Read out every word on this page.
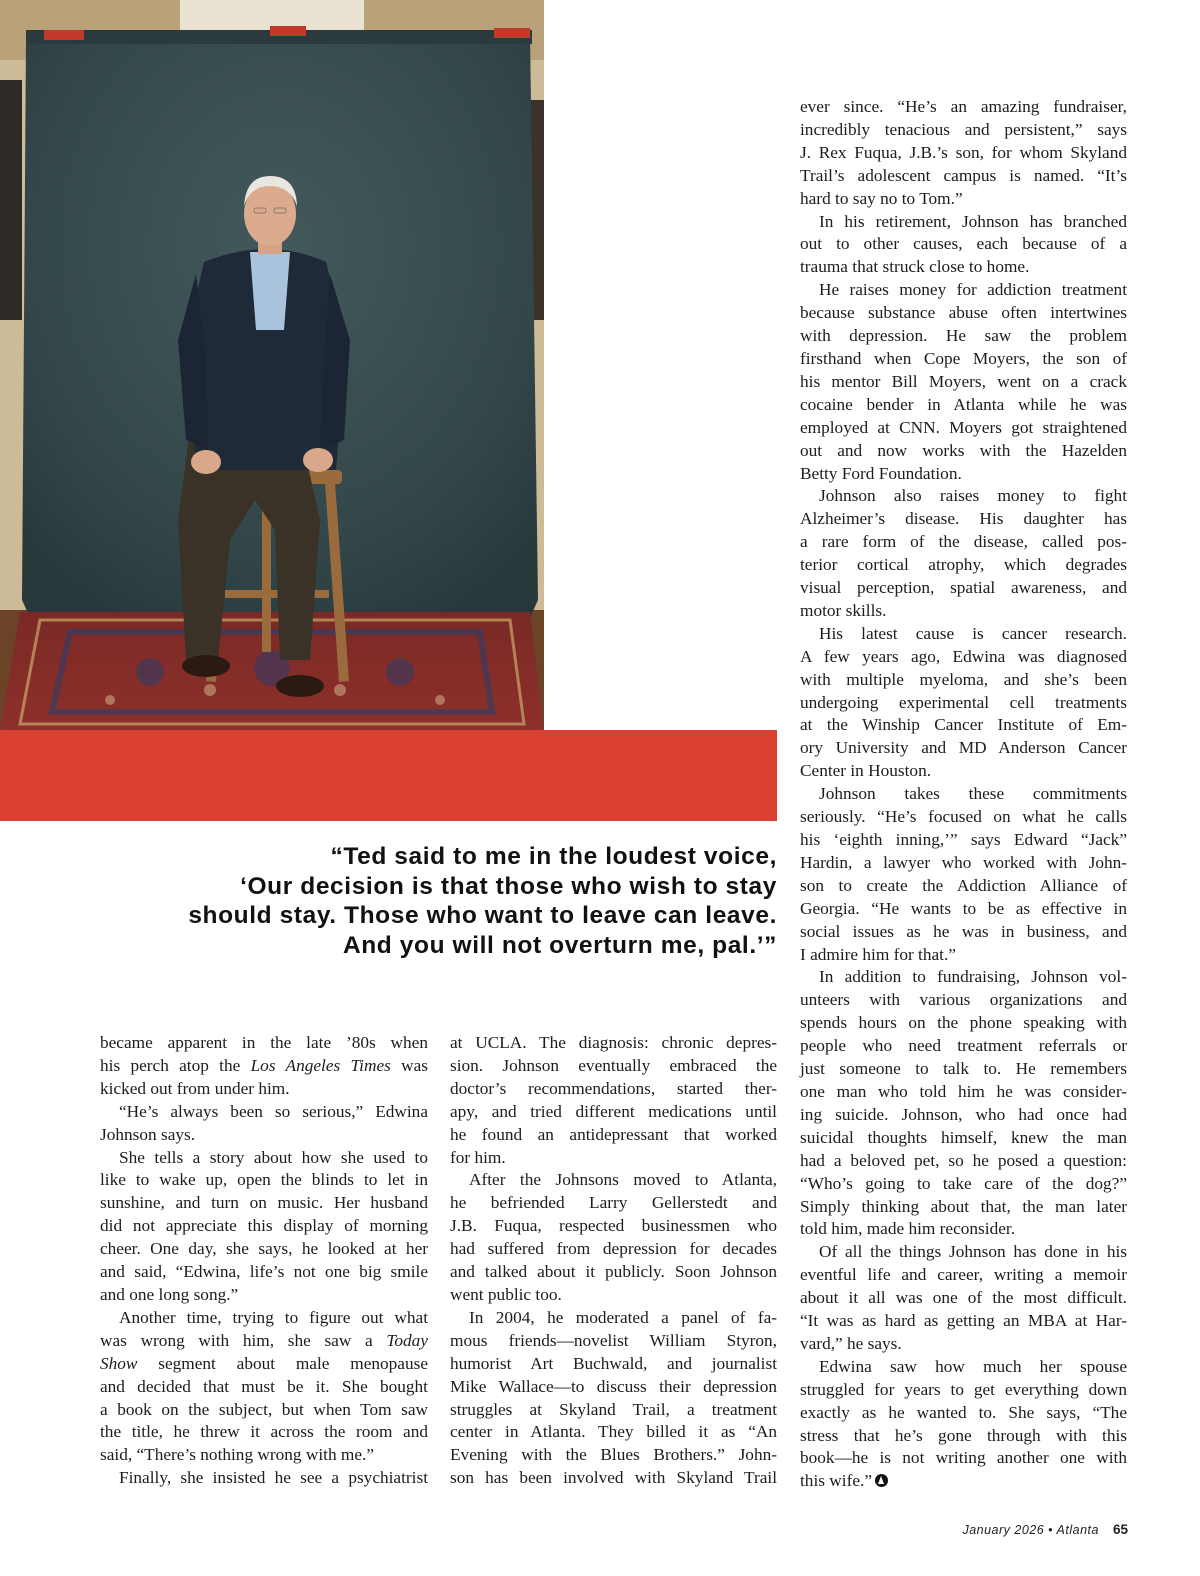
“Ted said to me in the loudest voice,
‘Our decision is that those who wish to stay
should stay. Those who want to leave can leave.
And you will not overturn me, pal.’”

became apparent in the late ’80s when
his perch atop the Los Angeles Times was
kicked out from under him.

“He’s always been so serious,” Edwina
Johnson says.

She tells a story about how she used to
like to wake up, open the blinds to let in
sunshine, and turn on music. Her husband
did not appreciate this display of morning
cheer. One day, she says, he looked at her
and said, “Edwina, life’s not one big smile
and one long song.”

Another time, trying to figure out what
was wrong with him, she saw a Today
Show segment about male menopause
and decided that must be it. She bought
a book on the subject, but when Tom saw
the title, he threw it across the room and
said, “There’s nothing wrong with me.”

Finally, she insisted he see a psychiatrist

at UCLA. The diagnosis: chronic depres-
sion. Johnson eventually embraced the
doctor’s recommendations, started ther-
apy, and tried different medications until
he found an antidepressant that worked
for him.

After the Johnsons moved to Atlanta,
he befriended Larry Gellerstedt and
J.B. Fuqua, respected businessmen who
had suffered from depression for decades
and talked about it publicly. Soon Johnson
went public too.

In 2004, he moderated a panel of fa-
mous friends—novelist William Styron,
humorist Art Buchwald, and journalist
Mike Wallace—to discuss their depression
struggles at Skyland Trail, a treatment
center in Atlanta. They billed it as “An
Evening with the Blues Brothers.” John-
son has been involved with Skyland Trail

ever since. “He’s an amazing fundraiser,
incredibly tenacious and persistent,” says
J. Rex Fuqua, J.B.’s son, for whom Skyland
Trail’s adolescent campus is named. “It’s
hard to say no to Tom.”

In his retirement, Johnson has branched
out to other causes, each because of a
trauma that struck close to home.

He raises money for addiction treatment
because substance abuse often intertwines
with depression. He saw the problem
firsthand when Cope Moyers, the son of
his mentor Bill Moyers, went on a crack
cocaine bender in Atlanta while he was
employed at CNN. Moyers got straightened
out and now works with the Hazelden
Betty Ford Foundation.

Johnson also raises money to fight
Alzheimer’s disease. His daughter has
a rare form of the disease, called pos-
terior cortical atrophy, which degrades
visual perception, spatial awareness, and
motor skills.

His latest cause is cancer research.
A few years ago, Edwina was diagnosed
with multiple myeloma, and she’s been
undergoing experimental cell treatments
at the Winship Cancer Institute of Em-
ory University and MD Anderson Cancer
Center in Houston.

Johnson takes these commitments
seriously. “He’s focused on what he calls
his ‘eighth inning,’” says Edward “Jack”
Hardin, a lawyer who worked with John-
son to create the Addiction Alliance of
Georgia. “He wants to be as effective in
social issues as he was in business, and
I admire him for that.”

In addition to fundraising, Johnson vol-
unteers with various organizations and
spends hours on the phone speaking with
people who need treatment referrals or
just someone to talk to. He remembers
one man who told him he was consider-
ing suicide. Johnson, who had once had
suicidal thoughts himself, knew the man
had a beloved pet, so he posed a question:
“Who’s going to take care of the dog?”
Simply thinking about that, the man later
told him, made him reconsider.

Of all the things Johnson has done in his
eventful life and career, writing a memoir
about it all was one of the most difficult.
“It was as hard as getting an MBA at Har-
vard,” he says.

Edwina saw how much her spouse
struggled for years to get everything down
exactly as he wanted to. She says, “The
stress that he’s gone through with this
book—he is not writing another one with
this wife.”

January 2026 • Atlanta 65
